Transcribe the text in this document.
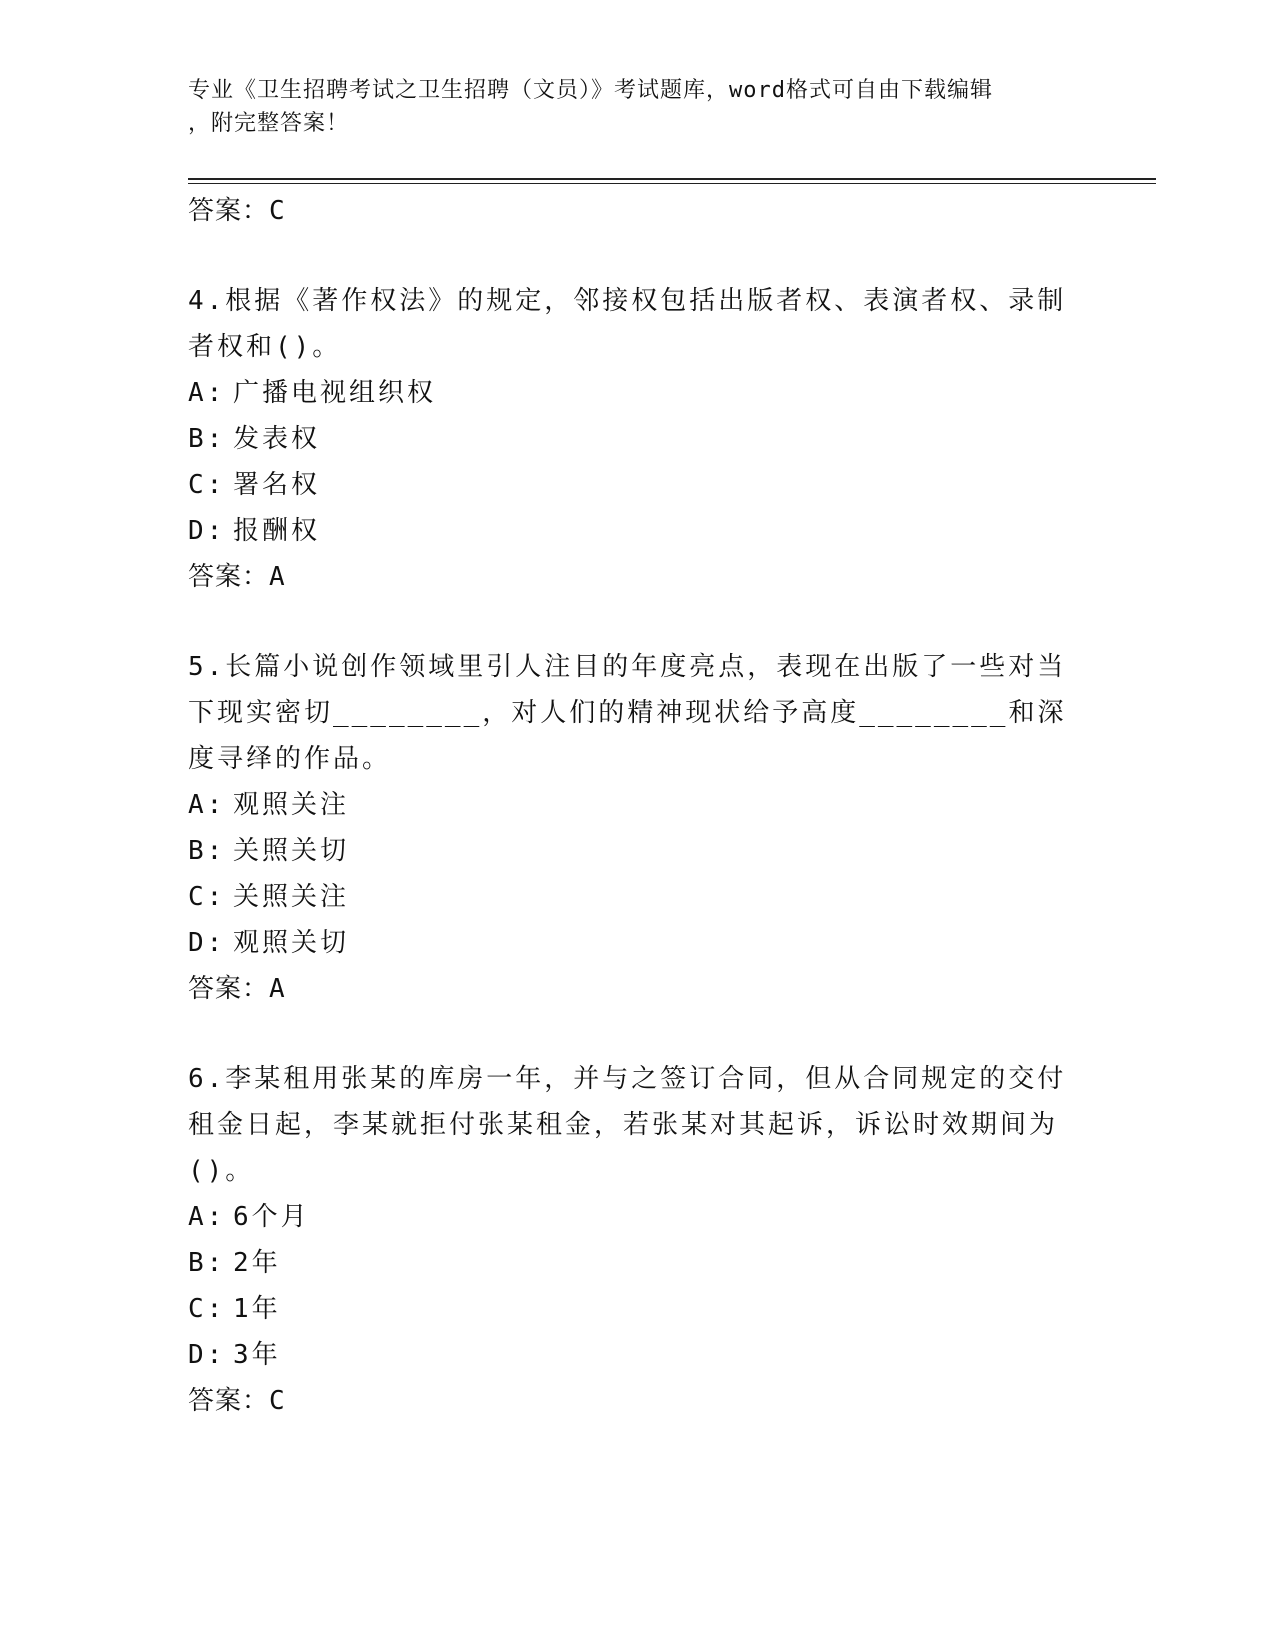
专业《卫生招聘考试之卫生招聘（文员）》考试题库，word格式可自由下载编辑
，附完整答案！
答案：C
4.根据《著作权法》的规定，邻接权包括出版者权、表演者权、录制者权和()。
A: 广播电视组织权
B: 发表权
C: 署名权
D: 报酬权
答案：A
5.长篇小说创作领域里引人注目的年度亮点，表现在出版了一些对当下现实密切________，对人们的精神现状给予高度________和深度寻绎的作品。
A: 观照关注
B: 关照关切
C: 关照关注
D: 观照关切
答案：A
6.李某租用张某的库房一年，并与之签订合同，但从合同规定的交付租金日起，李某就拒付张某租金，若张某对其起诉，诉讼时效期间为()。
A: 6个月
B: 2年
C: 1年
D: 3年
答案：C
